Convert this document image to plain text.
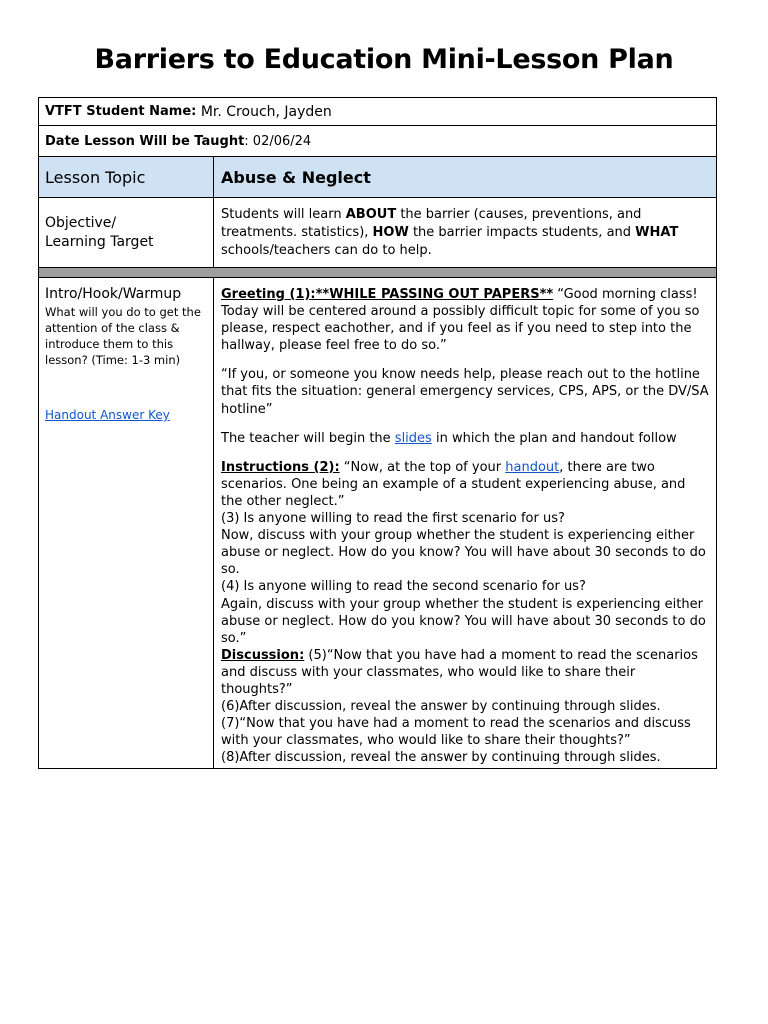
Barriers to Education Mini-Lesson Plan
VTFT Student Name: Mr. Crouch, Jayden
Date Lesson Will be Taught : 02/06/24
Lesson Topic	Abuse & Neglect
Objective/
Learning Target
Students will learn ABOUT the barrier (causes, preventions, and treatments. statistics), HOW the barrier impacts students, and WHAT schools/teachers can do to help.
Intro/Hook/Warmup
What will you do to get the attention of the class & introduce them to this lesson? (Time: 1-3 min)
Handout Answer Key

Greeting (1):**WHILE PASSING OUT PAPERS** “Good morning class! Today will be centered around a possibly difficult topic for some of you so please, respect eachother, and if you feel as if you need to step into the hallway, please feel free to do so.”

“If you, or someone you know needs help, please reach out to the hotline that fits the situation: general emergency services, CPS, APS, or the DV/SA hotline”

The teacher will begin the slides in which the plan and handout follow

Instructions (2): “Now, at the top of your handout, there are two scenarios. One being an example of a student experiencing abuse, and the other neglect.”

(3) Is anyone willing to read the first scenario for us?

Now, discuss with your group whether the student is experiencing either abuse or neglect. How do you know? You will have about 30 seconds to do so.

(4) Is anyone willing to read the second scenario for us?

Again, discuss with your group whether the student is experiencing either abuse or neglect. How do you know? You will have about 30 seconds to do so.”

Discussion: (5)“Now that you have had a moment to read the scenarios and discuss with your classmates, who would like to share their thoughts?”

(6)After discussion, reveal the answer by continuing through slides.

(7)“Now that you have had a moment to read the scenarios and discuss with your classmates, who would like to share their thoughts?”

(8)After discussion, reveal the answer by continuing through slides.
